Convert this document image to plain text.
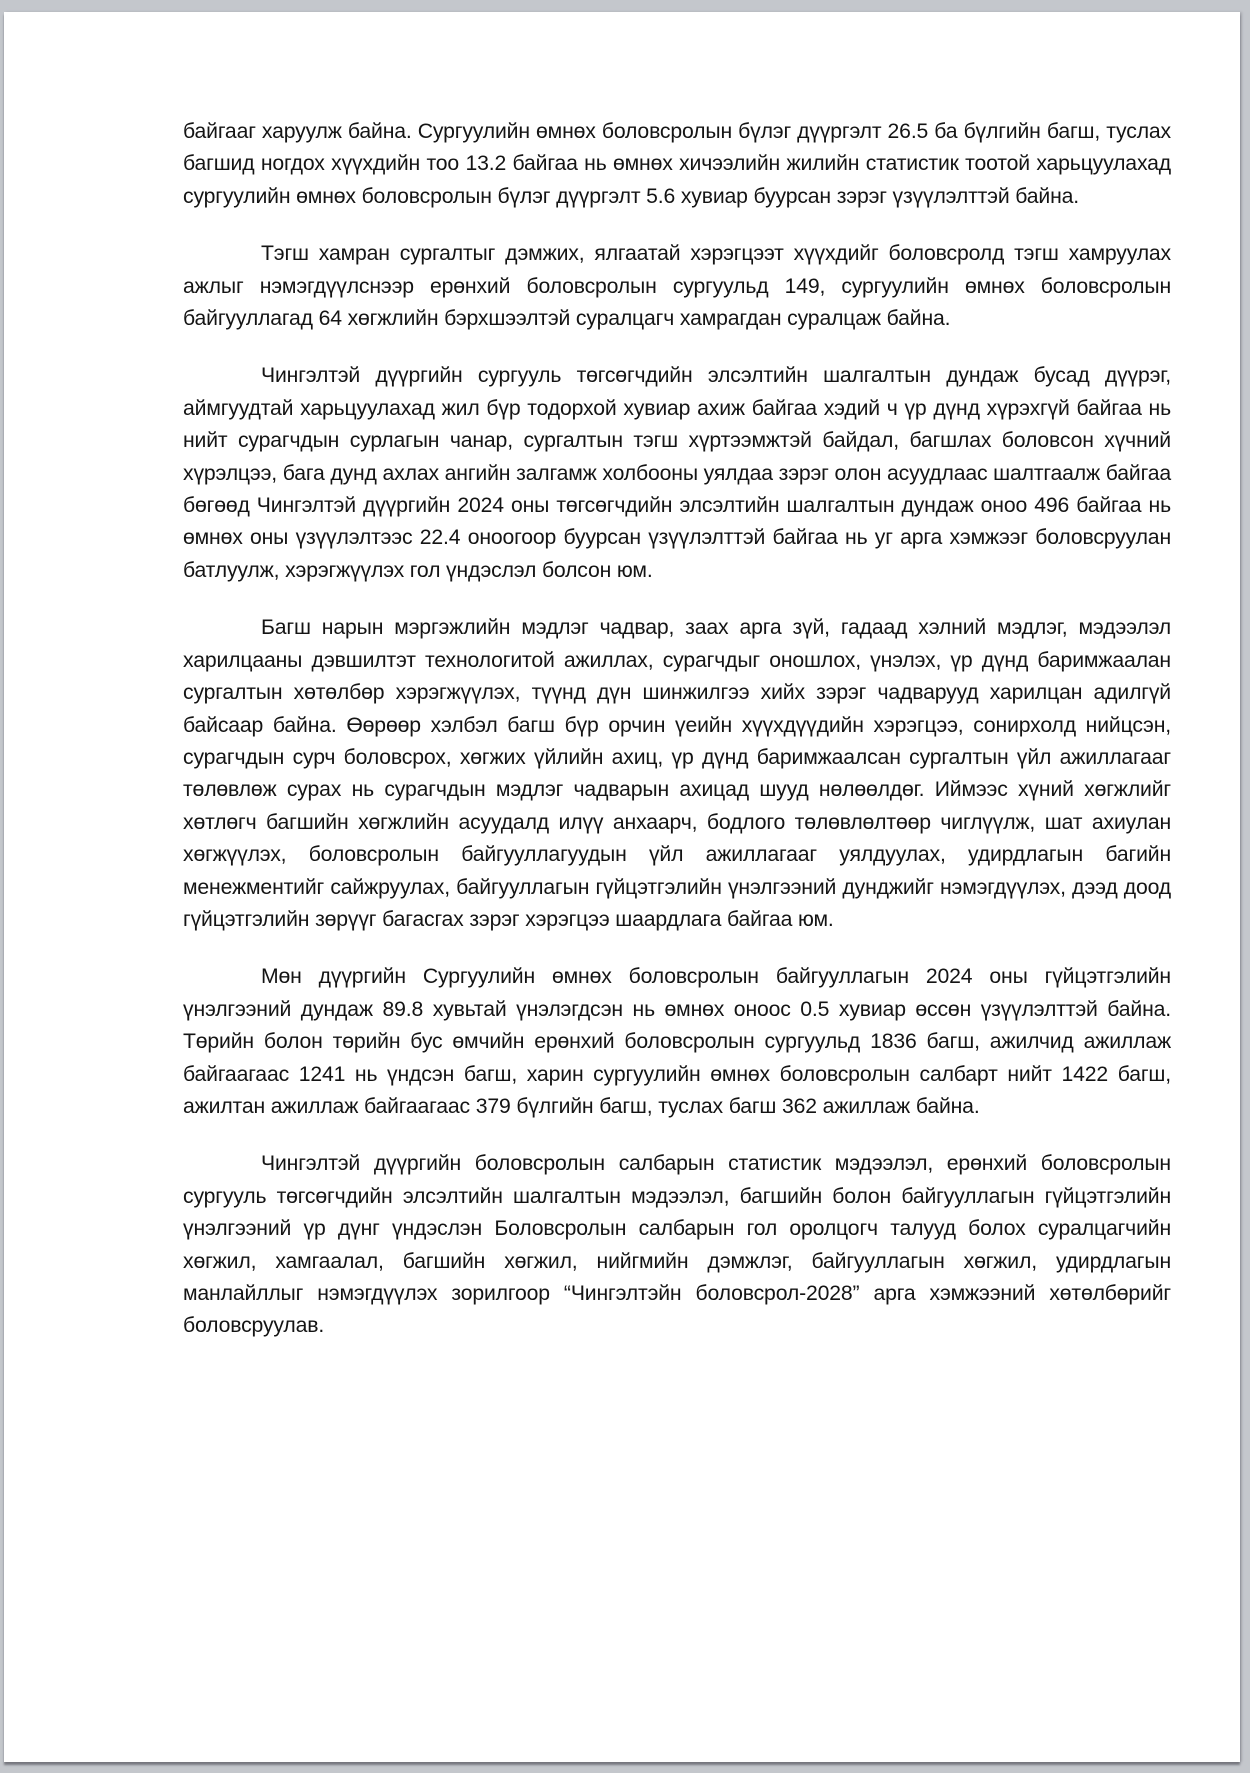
байгааг харуулж байна. Сургуулийн өмнөх боловсролын бүлэг дүүргэлт 26.5 ба бүлгийн багш, туслах багшид ногдох хүүхдийн тоо 13.2 байгаа нь өмнөх хичээлийн жилийн статистик тоотой харьцуулахад сургуулийн өмнөх боловсролын бүлэг дүүргэлт 5.6 хувиар буурсан зэрэг үзүүлэлттэй байна.

Тэгш хамран сургалтыг дэмжих, ялгаатай хэрэгцээт хүүхдийг боловсролд тэгш хамруулах ажлыг нэмэгдүүлснээр ерөнхий боловсролын сургуульд 149, сургуулийн өмнөх боловсролын байгууллагад 64 хөгжлийн бэрхшээлтэй суралцагч хамрагдан суралцаж байна.

Чингэлтэй дүүргийн сургууль төгсөгчдийн элсэлтийн шалгалтын дундаж бусад дүүрэг, аймгуудтай харьцуулахад жил бүр тодорхой хувиар ахиж байгаа хэдий ч үр дүнд хүрэхгүй байгаа нь нийт сурагчдын сурлагын чанар, сургалтын тэгш хүртээмжтэй байдал, багшлах боловсон хүчний хүрэлцээ, бага дунд ахлах ангийн залгамж холбооны уялдаа зэрэг олон асуудлаас шалтгаалж байгаа бөгөөд Чингэлтэй дүүргийн 2024 оны төгсөгчдийн элсэлтийн шалгалтын дундаж оноо 496 байгаа нь өмнөх оны үзүүлэлтээс 22.4 оноогоор буурсан үзүүлэлттэй байгаа нь уг арга хэмжээг боловсруулан батлуулж, хэрэгжүүлэх гол үндэслэл болсон юм.

Багш нарын мэргэжлийн мэдлэг чадвар, заах арга зүй, гадаад хэлний мэдлэг, мэдээлэл харилцааны дэвшилтэт технологитой ажиллах, сурагчдыг оношлох, үнэлэх, үр дүнд баримжаалан сургалтын хөтөлбөр хэрэгжүүлэх, түүнд дүн шинжилгээ хийх зэрэг чадварууд харилцан адилгүй байсаар байна. Өөрөөр хэлбэл багш бүр орчин үеийн хүүхдүүдийн хэрэгцээ, сонирхолд нийцсэн, сурагчдын сурч боловсрох, хөгжих үйлийн ахиц, үр дүнд баримжаалсан сургалтын үйл ажиллагааг төлөвлөж сурах нь сурагчдын мэдлэг чадварын ахицад шууд нөлөөлдөг. Иймээс хүний хөгжлийг хөтлөгч багшийн хөгжлийн асуудалд илүү анхаарч, бодлого төлөвлөлтөөр чиглүүлж, шат ахиулан хөгжүүлэх, боловсролын байгууллагуудын үйл ажиллагааг уялдуулах, удирдлагын багийн менежментийг сайжруулах, байгууллагын гүйцэтгэлийн үнэлгээний дунджийг нэмэгдүүлэх, дээд доод гүйцэтгэлийн зөрүүг багасгах зэрэг хэрэгцээ шаардлага байгаа юм.

Мөн дүүргийн Сургуулийн өмнөх боловсролын байгууллагын 2024 оны гүйцэтгэлийн үнэлгээний дундаж 89.8 хувьтай үнэлэгдсэн нь өмнөх оноос 0.5 хувиар өссөн үзүүлэлттэй байна. Төрийн болон төрийн бус өмчийн ерөнхий боловсролын сургуульд 1836 багш, ажилчид ажиллаж байгаагаас 1241 нь үндсэн багш, харин сургуулийн өмнөх боловсролын салбарт нийт 1422 багш, ажилтан ажиллаж байгаагаас 379 бүлгийн багш, туслах багш 362 ажиллаж байна.

Чингэлтэй дүүргийн боловсролын салбарын статистик мэдээлэл, ерөнхий боловсролын сургууль төгсөгчдийн элсэлтийн шалгалтын мэдээлэл, багшийн болон байгууллагын гүйцэтгэлийн үнэлгээний үр дүнг үндэслэн Боловсролын салбарын гол оролцогч талууд болох суралцагчийн хөгжил, хамгаалал, багшийн хөгжил, нийгмийн дэмжлэг, байгууллагын хөгжил, удирдлагын манлайллыг нэмэгдүүлэх зорилгоор “Чингэлтэйн боловсрол-2028” арга хэмжээний хөтөлбөрийг боловсруулав.
